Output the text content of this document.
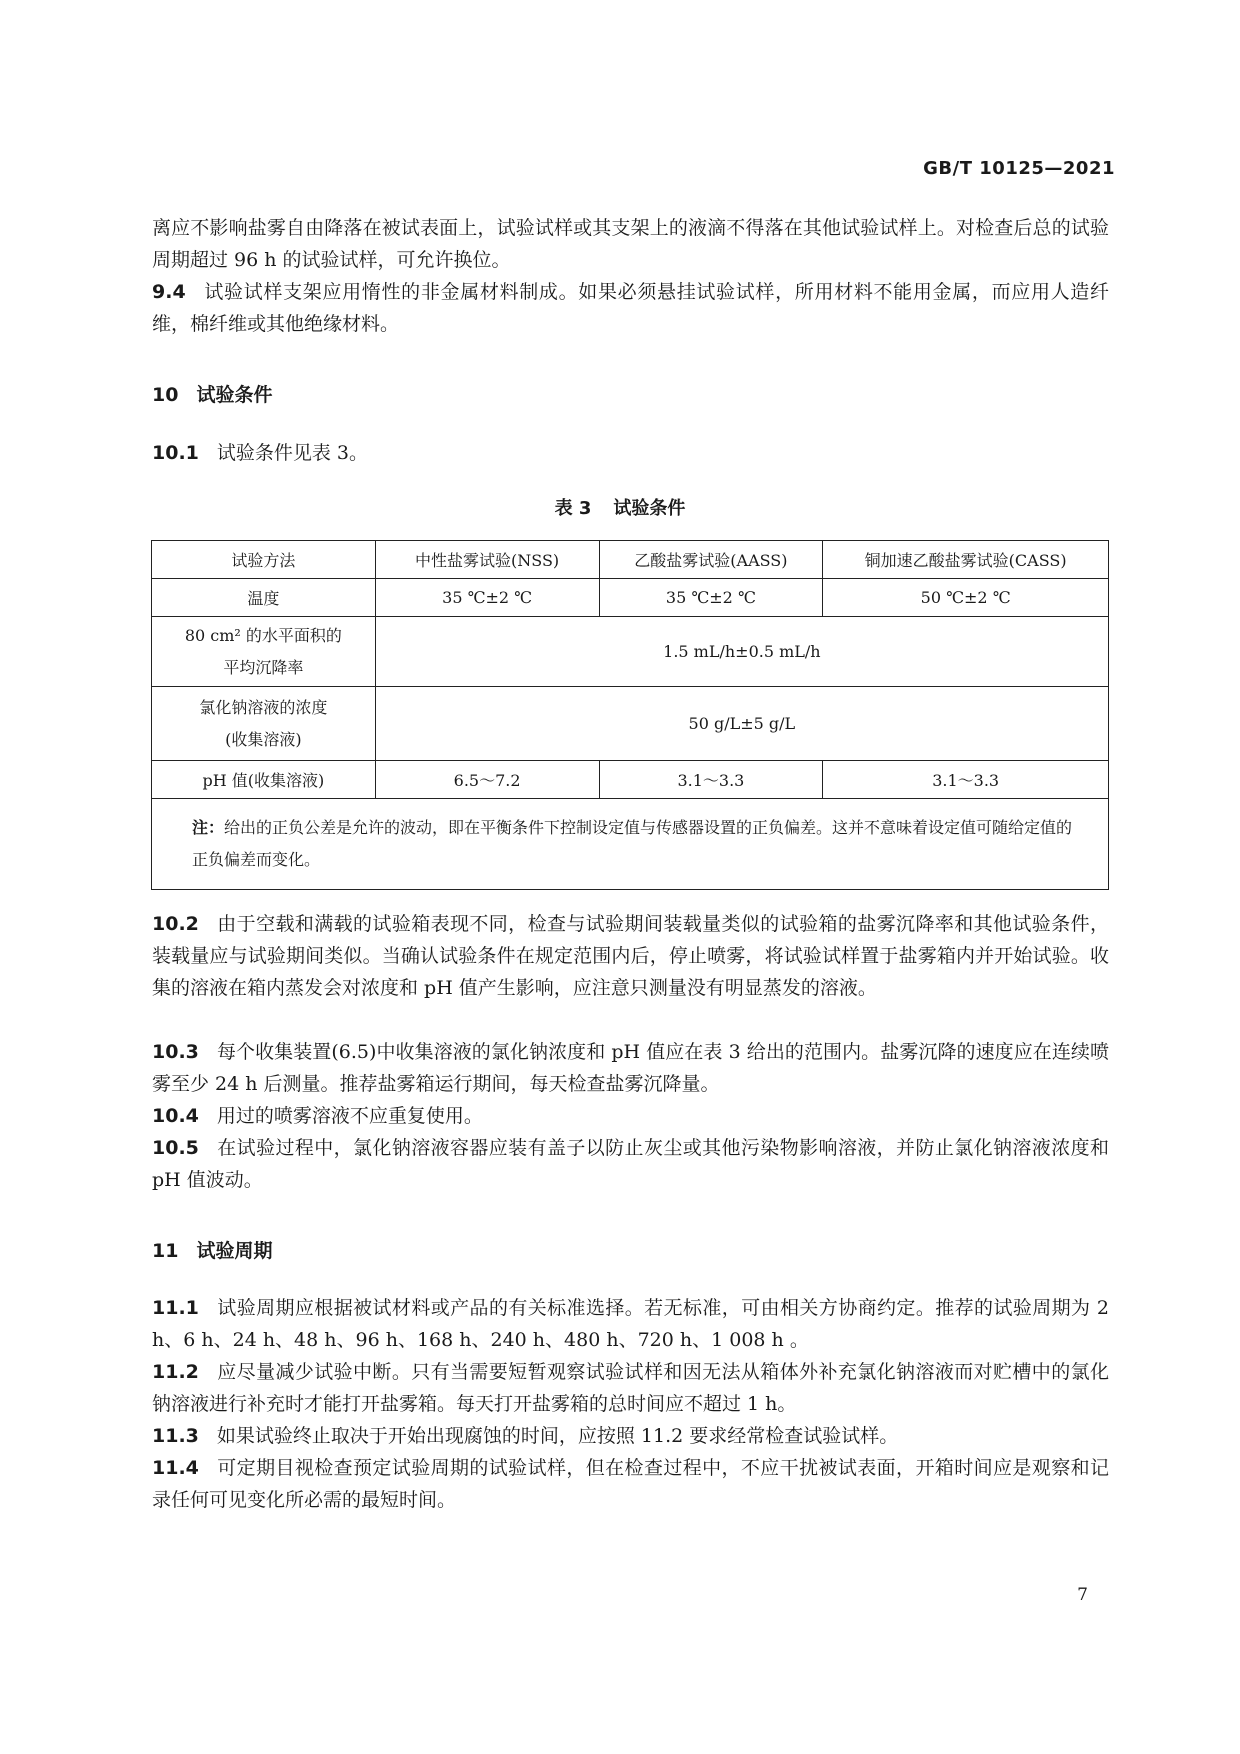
GB/T 10125—2021
离应不影响盐雾自由降落在被试表面上，试验试样或其支架上的液滴不得落在其他试验试样上。对检查后总的试验周期超过 96 h 的试验试样，可允许换位。
9.4 试验试样支架应用惰性的非金属材料制成。如果必须悬挂试验试样，所用材料不能用金属，而应用人造纤维，棉纤维或其他绝缘材料。
10 试验条件
10.1 试验条件见表 3。
表 3 试验条件
试验方法	中性盐雾试验(NSS)	乙酸盐雾试验(AASS)	铜加速乙酸盐雾试验(CASS)
温度	35 ℃±2 ℃	35 ℃±2 ℃	50 ℃±2 ℃

80 cm² 的水平面积的
平均沉降率	1.5 mL/h±0.5 mL/h		

氯化钠溶液的浓度
(收集溶液)	50 g/L±5 g/L		
pH 值(收集溶液)	6.5～7.2	3.1～3.3	3.1～3.3
注：给出的正负公差是允许的波动，即在平衡条件下控制设定值与传感器设置的正负偏差。这并不意味着设定值可随给定值的正负偏差而变化。			
10.2 由于空载和满载的试验箱表现不同，检查与试验期间装载量类似的试验箱的盐雾沉降率和其他试验条件，装载量应与试验期间类似。当确认试验条件在规定范围内后，停止喷雾，将试验试样置于盐雾箱内并开始试验。收集的溶液在箱内蒸发会对浓度和 pH 值产生影响，应注意只测量没有明显蒸发的溶液。
10.3 每个收集装置(6.5)中收集溶液的氯化钠浓度和 pH 值应在表 3 给出的范围内。盐雾沉降的速度应在连续喷雾至少 24 h 后测量。推荐盐雾箱运行期间，每天检查盐雾沉降量。
10.4 用过的喷雾溶液不应重复使用。
10.5 在试验过程中，氯化钠溶液容器应装有盖子以防止灰尘或其他污染物影响溶液，并防止氯化钠溶液浓度和 pH 值波动。
11 试验周期
11.1 试验周期应根据被试材料或产品的有关标准选择。若无标准，可由相关方协商约定。推荐的试验周期为 2 h、6 h、24 h、48 h、96 h、168 h、240 h、480 h、720 h、1 008 h 。
11.2 应尽量减少试验中断。只有当需要短暂观察试验试样和因无法从箱体外补充氯化钠溶液而对贮槽中的氯化钠溶液进行补充时才能打开盐雾箱。每天打开盐雾箱的总时间应不超过 1 h。
11.3 如果试验终止取决于开始出现腐蚀的时间，应按照 11.2 要求经常检查试验试样。
11.4 可定期目视检查预定试验周期的试验试样，但在检查过程中，不应干扰被试表面，开箱时间应是观察和记录任何可见变化所必需的最短时间。
7
